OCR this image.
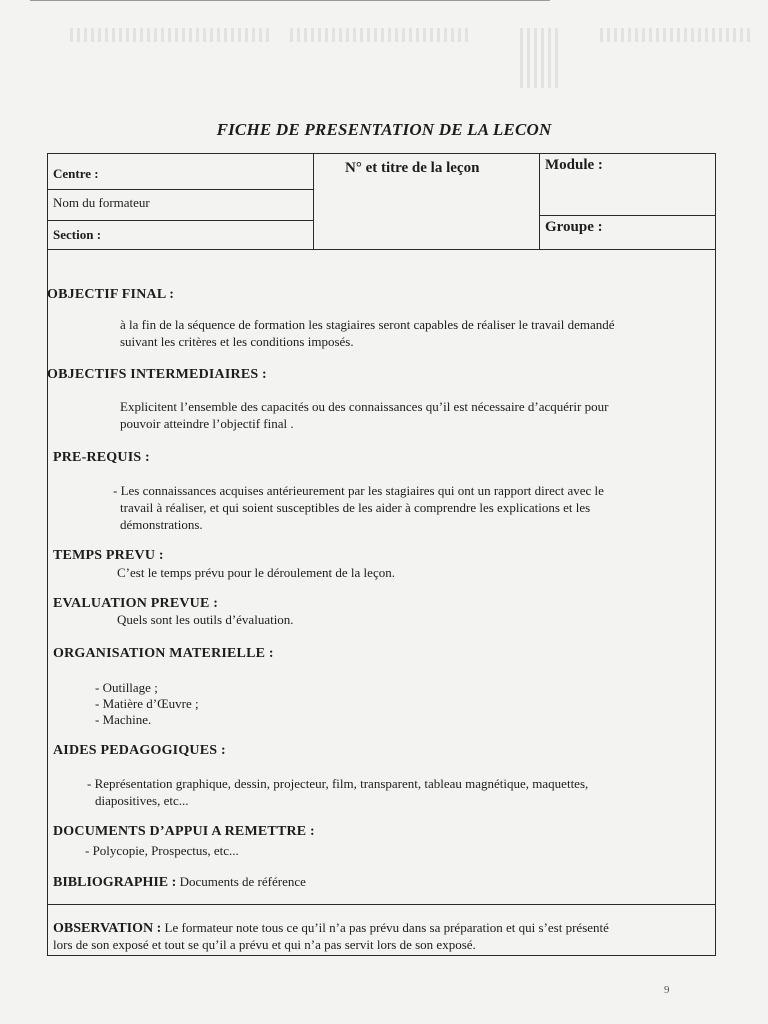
FICHE DE PRESENTATION DE LA LECON
Centre :
Nom du formateur
Section :
N° et titre de la leçon	Module :
Groupe :
OBJECTIF FINAL :
à la fin de la séquence de formation les stagiaires seront capables de réaliser le travail demandé
suivant les critères et les conditions imposés.
OBJECTIFS INTERMEDIAIRES :
Explicitent l’ensemble des capacités ou des connaissances qu’il est nécessaire d’acquérir pour
pouvoir atteindre l’objectif final .
PRE-REQUIS :
- Les connaissances acquises antérieurement par les stagiaires qui ont un rapport direct avec le
travail à réaliser, et qui soient susceptibles de les aider à comprendre les explications et les
démonstrations.
TEMPS PREVU :
C’est le temps prévu pour le déroulement de la leçon.
EVALUATION PREVUE :
Quels sont les outils d’évaluation.
ORGANISATION MATERIELLE :
- Outillage ;
- Matière d’Œuvre ;
- Machine.
AIDES PEDAGOGIQUES :
- Représentation graphique, dessin, projecteur, film, transparent, tableau magnétique, maquettes,
diapositives, etc...
DOCUMENTS D’APPUI A REMETTRE :
- Polycopie, Prospectus, etc...
BIBLIOGRAPHIE : Documents de référence
OBSERVATION : Le formateur note tous ce qu’il n’a pas prévu dans sa préparation et qui s’est présenté
lors de son exposé et tout se qu’il a prévu et qui n’a pas servit lors de son exposé.
9
